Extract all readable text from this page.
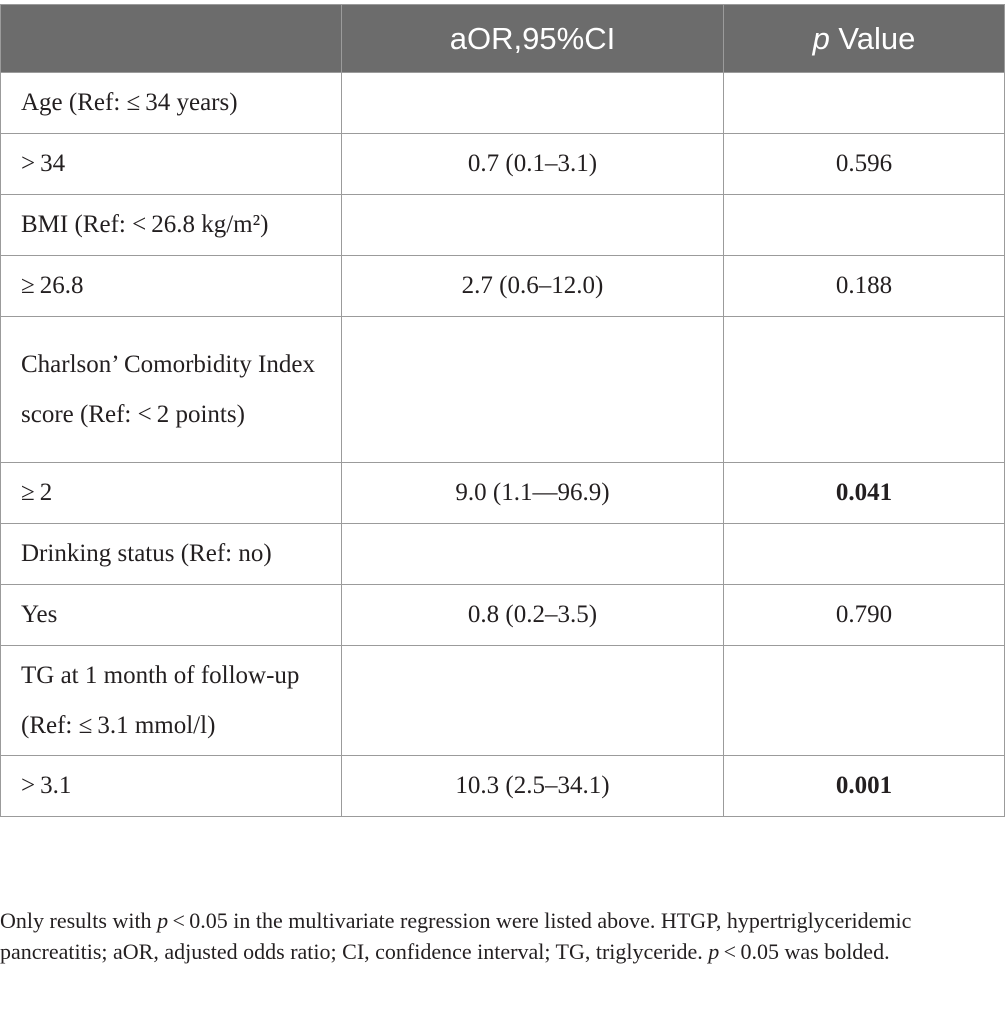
	aOR,95%CI	p Value
Age (Ref: ≤ 34 years)		
> 34	0.7 (0.1–3.1)	0.596
BMI (Ref: < 26.8 kg/m²)		
≥ 26.8	2.7 (0.6–12.0)	0.188
Charlson’ Comorbidity Index score (Ref: < 2 points)		
≥ 2	9.0 (1.1—96.9)	0.041
Drinking status (Ref: no)		
Yes	0.8 (0.2–3.5)	0.790
TG at 1 month of follow-up (Ref: ≤ 3.1 mmol/l)		
> 3.1	10.3 (2.5–34.1)	0.001
Only results with p < 0.05 in the multivariate regression were listed above. HTGP, hypertriglyceridemic pancreatitis; aOR, adjusted odds ratio; CI, confidence interval; TG, triglyceride. p < 0.05 was bolded.
